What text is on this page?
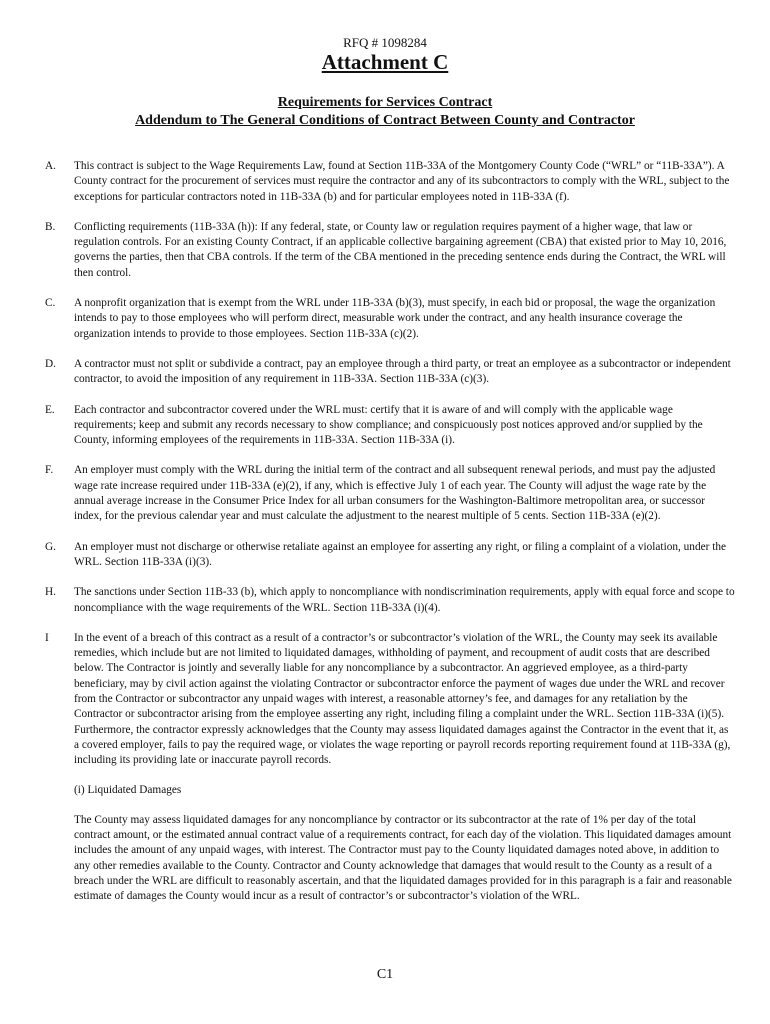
RFQ # 1098284
Attachment C
Requirements for Services Contract
Addendum to The General Conditions of Contract Between County and Contractor
A.	This contract is subject to the Wage Requirements Law, found at Section 11B-33A of the Montgomery County Code (“WRL” or “11B-33A”). A County contract for the procurement of services must require the contractor and any of its subcontractors to comply with the WRL, subject to the exceptions for particular contractors noted in 11B-33A (b) and for particular employees noted in 11B-33A (f).
B.	Conflicting requirements (11B-33A (h)): If any federal, state, or County law or regulation requires payment of a higher wage, that law or regulation controls. For an existing County Contract, if an applicable collective bargaining agreement (CBA) that existed prior to May 10, 2016, governs the parties, then that CBA controls. If the term of the CBA mentioned in the preceding sentence ends during the Contract, the WRL will then control.
C.	A nonprofit organization that is exempt from the WRL under 11B-33A (b)(3), must specify, in each bid or proposal, the wage the organization intends to pay to those employees who will perform direct, measurable work under the contract, and any health insurance coverage the organization intends to provide to those employees. Section 11B-33A (c)(2).
D.	A contractor must not split or subdivide a contract, pay an employee through a third party, or treat an employee as a subcontractor or independent contractor, to avoid the imposition of any requirement in 11B-33A. Section 11B-33A (c)(3).
E.	Each contractor and subcontractor covered under the WRL must: certify that it is aware of and will comply with the applicable wage requirements; keep and submit any records necessary to show compliance; and conspicuously post notices approved and/or supplied by the County, informing employees of the requirements in 11B-33A. Section 11B-33A (i).
F.	An employer must comply with the WRL during the initial term of the contract and all subsequent renewal periods, and must pay the adjusted wage rate increase required under 11B-33A (e)(2), if any, which is effective July 1 of each year. The County will adjust the wage rate by the annual average increase in the Consumer Price Index for all urban consumers for the Washington-Baltimore metropolitan area, or successor index, for the previous calendar year and must calculate the adjustment to the nearest multiple of 5 cents. Section 11B-33A (e)(2).
G.	An employer must not discharge or otherwise retaliate against an employee for asserting any right, or filing a complaint of a violation, under the WRL. Section 11B-33A (i)(3).
H.	The sanctions under Section 11B-33 (b), which apply to noncompliance with nondiscrimination requirements, apply with equal force and scope to noncompliance with the wage requirements of the WRL. Section 11B-33A (i)(4).
I	In the event of a breach of this contract as a result of a contractor’s or subcontractor’s violation of the WRL, the County may seek its available remedies, which include but are not limited to liquidated damages, withholding of payment, and recoupment of audit costs that are described below. The Contractor is jointly and severally liable for any noncompliance by a subcontractor. An aggrieved employee, as a third-party beneficiary, may by civil action against the violating Contractor or subcontractor enforce the payment of wages due under the WRL and recover from the Contractor or subcontractor any unpaid wages with interest, a reasonable attorney’s fee, and damages for any retaliation by the Contractor or subcontractor arising from the employee asserting any right, including filing a complaint under the WRL. Section 11B-33A (i)(5). Furthermore, the contractor expressly acknowledges that the County may assess liquidated damages against the Contractor in the event that it, as a covered employer, fails to pay the required wage, or violates the wage reporting or payroll records reporting requirement found at 11B-33A (g), including its providing late or inaccurate payroll records.
(i) Liquidated Damages
The County may assess liquidated damages for any noncompliance by contractor or its subcontractor at the rate of 1% per day of the total contract amount, or the estimated annual contract value of a requirements contract, for each day of the violation. This liquidated damages amount includes the amount of any unpaid wages, with interest. The Contractor must pay to the County liquidated damages noted above, in addition to any other remedies available to the County. Contractor and County acknowledge that damages that would result to the County as a result of a breach under the WRL are difficult to reasonably ascertain, and that the liquidated damages provided for in this paragraph is a fair and reasonable estimate of damages the County would incur as a result of contractor’s or subcontractor’s violation of the WRL.
C1
